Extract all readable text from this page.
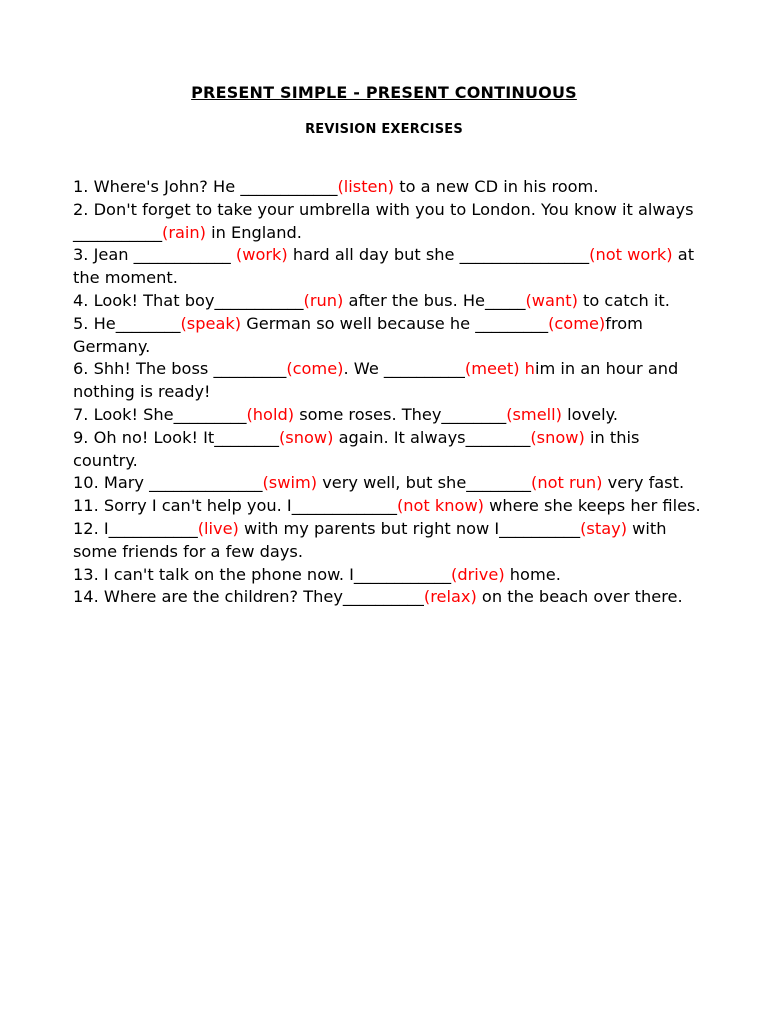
PRESENT SIMPLE - PRESENT CONTINUOUS
REVISION EXERCISES

1. Where's John? He ____________(listen) to a new CD in his room.

2. Don't forget to take your umbrella with you to London. You know it always ___________(rain) in England.

3. Jean ____________ (work) hard all day but she ________________(not work) at the moment.

4. Look! That boy___________(run) after the bus. He_____(want) to catch it.

5. He________(speak) German so well because he _________(come)from Germany.

6. Shh! The boss _________(come). We __________(meet) him in an hour and nothing is ready!

7. Look! She_________(hold) some roses. They________(smell) lovely.

9. Oh no! Look! It________(snow) again. It always________(snow) in this country.

10. Mary ______________(swim) very well, but she________(not run) very fast.

11. Sorry I can't help you. I_____________(not know) where she keeps her files.

12. I___________(live) with my parents but right now I__________(stay) with some friends for a few days.

13. I can't talk on the phone now. I____________(drive) home.

14. Where are the children? They__________(relax) on the beach over there.
